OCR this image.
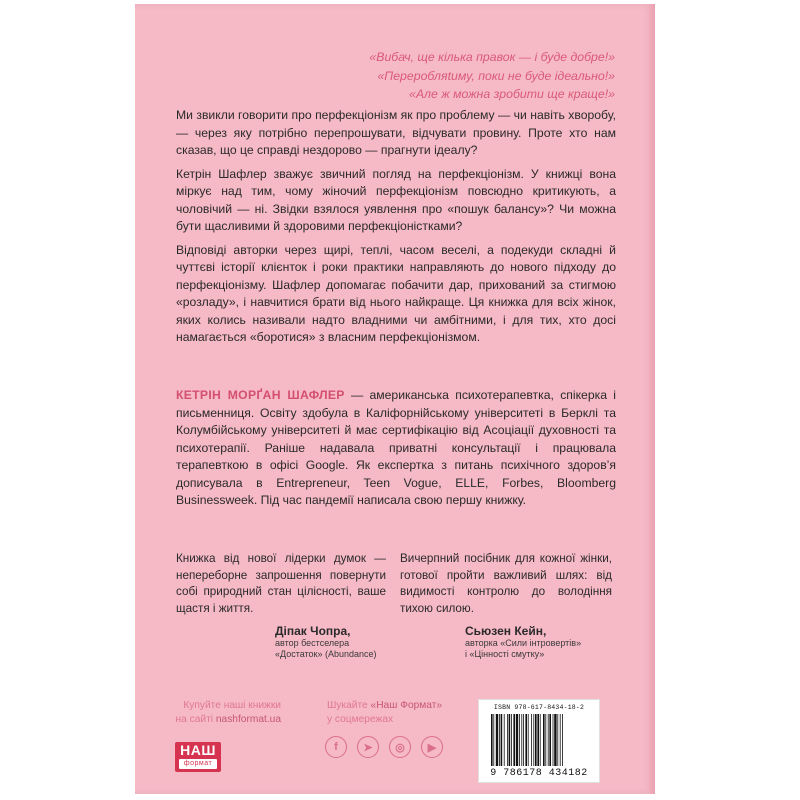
«Вибач, ще кілька правок — і буде добре!»
«Переробляtиму, поки не буде ідеально!»
«Але ж можна зробити ще краще!»

Ми звикли говорити про перфекціонізм як про проблему — чи навіть хворобу, — через яку потрібно перепрошувати, відчувати провину. Проте хто нам сказав, що це справді нездорово — прагнути ідеалу?

Кетрін Шафлер зважує звичний погляд на перфекціонізм. У книжці вона міркує над тим, чому жіночий перфекціонізм повсюдно критикують, а чоловічий — ні. Звідки взялося уявлення про «пошук балансу»? Чи можна бути щасливими й здоровими перфекціоністками?

Відповіді авторки через щирі, теплі, часом веселі, а подекуди складні й чуттєві історії клієнток і роки практики направляють до нового підходу до перфекціонізму. Шафлер допомагає побачити дар, прихований за стигмою «розладу», і навчитися брати від нього найкраще. Ця книжка для всіх жінок, яких колись називали надто владними чи амбітними, і для тих, хто досі намагається «боротися» з власним перфекціонізмом.

КЕТРІН МОРҐАН ШАФЛЕР — американська психотерапевтка, спікерка і письменниця. Освіту здобула в Каліфорнійському університеті в Берклі та Колумбійському університеті й має сертифікацію від Асоціації духовності та психотерапії. Раніше надавала приватні консультації і працювала терапевткою в офісі Google. Як експертка з питань психічного здоров’я дописувала в Entrepreneur, Teen Vogue, ELLE, Forbes, Bloomberg Businessweek. Під час пандемії написала свою першу книжку.

Книжка від нової лідерки думок — непереборне запрошення повернути собі природний стан цілісності, ваше щастя і життя.
Вичерпний посібник для кожної жінки, готової пройти важливий шлях: від видимості контролю до володіння тихою силою.
Діпак Чопра,
автор бестселера
«Достаток» (Abundance)
Сьюзен Кейн,
авторка «Сили інтровертів»
і «Цінності смутку»
Купуйте наші книжки
на сайті nashformat.ua
Шукайте «Наш Формат»
у соцмережах
НАШ
формат
f	➤	◎	▶
ISBN 978-617-8434-18-2
9 786178 434182
